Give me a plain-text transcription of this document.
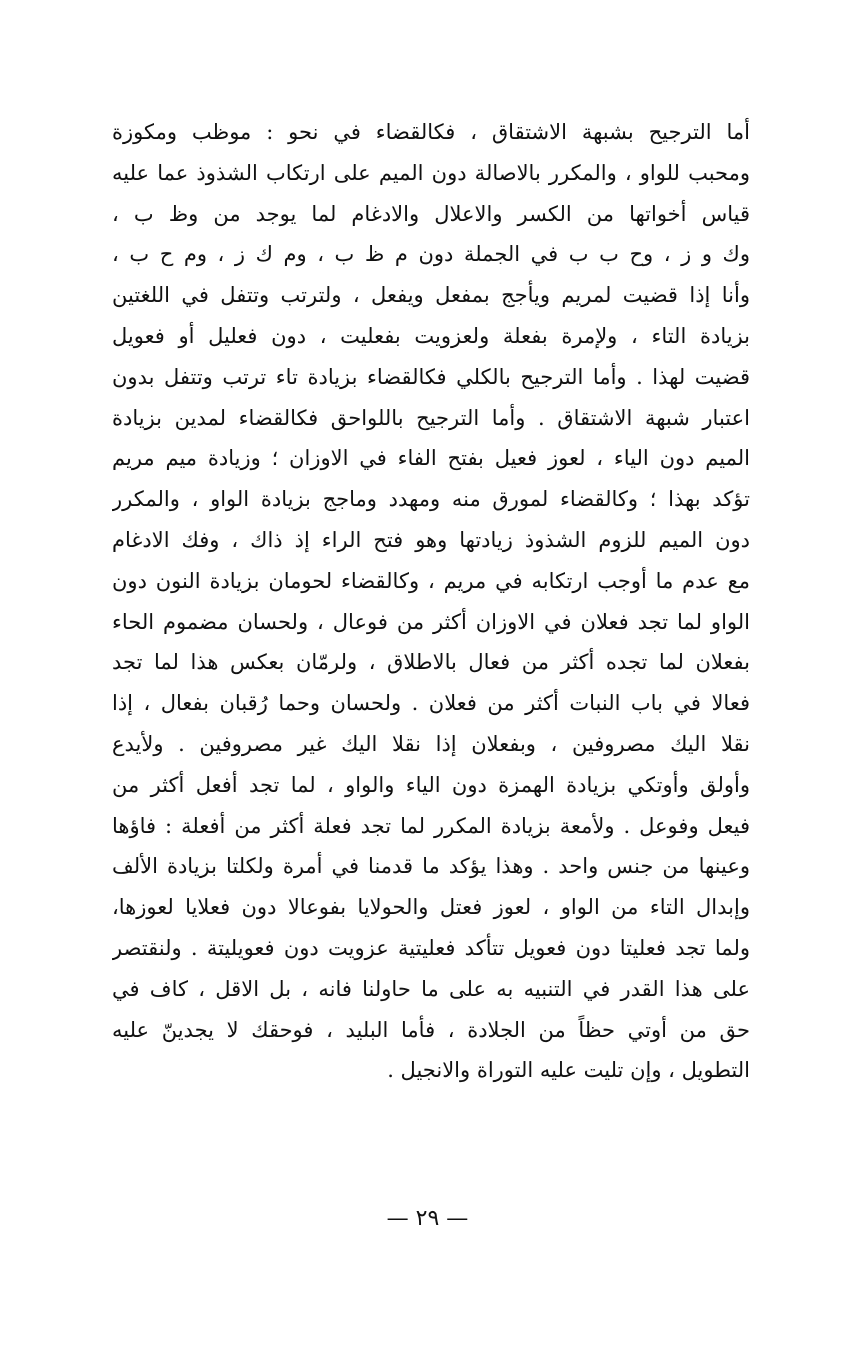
أما الترجيح بشبهة الاشتقاق ، فكالقضاء في نحو : موظب ومكوزة
ومحبب للواو ، والمكرر بالاصالة دون الميم على ارتكاب الشذوذ عما عليه
قياس أخواتها من الكسر والاعلال والادغام لما يوجد من وظ ب ،
وك و ز ، وح ب ب في الجملة دون م ظ ب ، وم ك ز ، وم ح ب ،
وأنا إذا قضيت لمريم ويأجج بمفعل ويفعل ، ولترتب وتتفل في اللغتين
بزيادة التاء ، ولإمرة بفعلة ولعزويت بفعليت ، دون فعليل أو فعويل
قضيت لهذا . وأما الترجيح بالكلي فكالقضاء بزيادة تاء ترتب وتتفل بدون
اعتبار شبهة الاشتقاق . وأما الترجيح باللواحق فكالقضاء لمدين بزيادة
الميم دون الياء ، لعوز فعيل بفتح الفاء في الاوزان ؛ وزيادة ميم مريم
تؤكد بهذا ؛ وكالقضاء لمورق منه ومهدد وماجج بزيادة الواو ، والمكرر
دون الميم للزوم الشذوذ زيادتها وهو فتح الراء إذ ذاك ، وفك الادغام
مع عدم ما أوجب ارتكابه في مريم ، وكالقضاء لحومان بزيادة النون دون
الواو لما تجد فعلان في الاوزان أكثر من فوعال ، ولحسان مضموم الحاء
بفعلان لما تجده أكثر من فعال بالاطلاق ، ولرمّان بعكس هذا لما تجد
فعالا في باب النبات أكثر من فعلان . ولحسان وحما رُقبان بفعال ، إذا
نقلا اليك مصروفين ، وبفعلان إذا نقلا اليك غير مصروفين . ولأيدع
وأولق وأوتكي بزيادة الهمزة دون الياء والواو ، لما تجد أفعل أكثر من
فيعل وفوعل . ولأمعة بزيادة المكرر لما تجد فعلة أكثر من أفعلة : فاؤها
وعينها من جنس واحد . وهذا يؤكد ما قدمنا في أمرة ولكلتا بزيادة الألف
وإبدال التاء من الواو ، لعوز فعتل والحولايا بفوعالا دون فعلايا لعوزها،
ولما تجد فعليتا دون فعويل تتأكد فعليتية عزويت دون فعويليتة . ولنقتصر
على هذا القدر في التنبيه به على ما حاولنا فانه ، بل الاقل ، كاف في
حق من أوتي حظاً من الجلادة ، فأما البليد ، فوحقك لا يجدينّ عليه
التطويل ، وإن تليت عليه التوراة والانجيل .
— ٢٩ —
